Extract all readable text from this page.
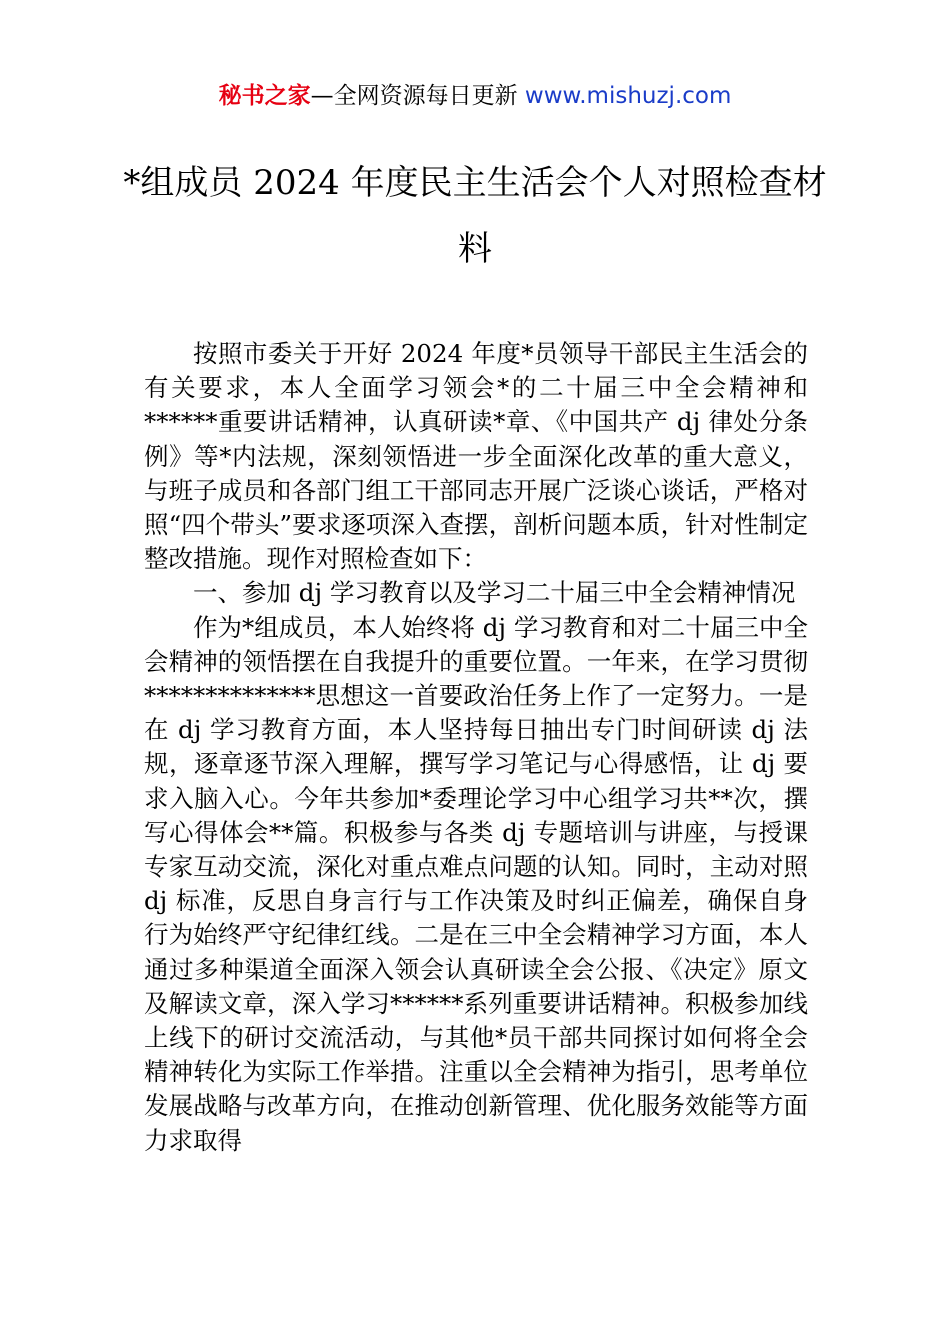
秘书之家—全网资源每日更新 www.mishuzj.com
*组成员 2024 年度民主生活会个人对照检查材料

按照市委关于开好 2024 年度*员领导干部民主生活会的有关要求，本人全面学习领会*的二十届三中全会精神和******重要讲话精神，认真研读*章、《中国共产 dj 律处分条例》等*内法规，深刻领悟进一步全面深化改革的重大意义，与班子成员和各部门组工干部同志开展广泛谈心谈话，严格对照“四个带头”要求逐项深入查摆，剖析问题本质，针对性制定整改措施。现作对照检查如下：

一、参加 dj 学习教育以及学习二十届三中全会精神情况

作为*组成员，本人始终将 dj 学习教育和对二十届三中全会精神的领悟摆在自我提升的重要位置。一年来，在学习贯彻**************思想这一首要政治任务上作了一定努力。一是在 dj 学习教育方面，本人坚持每日抽出专门时间研读 dj 法规，逐章逐节深入理解，撰写学习笔记与心得感悟，让 dj 要求入脑入心。今年共参加*委理论学习中心组学习共**次，撰写心得体会**篇。积极参与各类 dj 专题培训与讲座，与授课专家互动交流，深化对重点难点问题的认知。同时，主动对照 dj 标准，反思自身言行与工作决策及时纠正偏差，确保自身行为始终严守纪律红线。二是在三中全会精神学习方面，本人通过多种渠道全面深入领会认真研读全会公报、《决定》原文及解读文章，深入学习******系列重要讲话精神。积极参加线上线下的研讨交流活动，与其他*员干部共同探讨如何将全会精神转化为实际工作举措。注重以全会精神为指引，思考单位发展战略与改革方向，在推动创新管理、优化服务效能等方面力求取得
